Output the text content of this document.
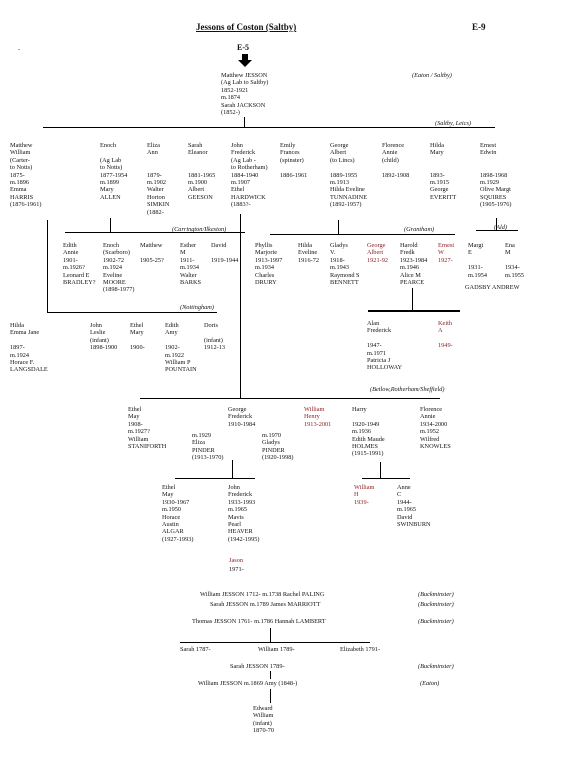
Jessons of Coston (Saltby)	E-9
-	E-5
Matthew JESSON
(Ag Lab to Saltby)
1852-1921
m.1874
Sarah JACKSON
(1852-)
(Eaton / Saltby)
(Saltby, Leics)
Matthew
William
(Carter-
to Notts)
1875-
m.1896
Emma
HARRIS
(1876-1961)
Enoch

(Ag Lab
to Notts)
1877-1954
m.1899
Mary
ALLEN
Eliza
Ann

1879-
m.1902
Walter
Horton
SIMKIN
(1882-
Sarah
Eleanor

1881-1965
m.1900
Albert
GEESON
John
Frederick
(Ag Lab -
to Rotherham)
1884-1940
m.1907
Ethel
HARDWICK
(1883?-
Emily
Frances
(spinster)

1886-1961
George
Albert
(to Lincs)

1889-1955
m.1913
Hilda Eveline
TUNNADINE
(1892-1957)
Florence
Annie
(child)

1892-1908
Hilda
Mary

1893-
m.1915
George
EVERITT
Ernest
Edwin

1898-1968
m.1929
Olive Margt
SQUIRES
(1905-1976)
(Carrington/Ilkeston)
Edith
Annie
1901-
m.1926?
Leonard E
BRADLEY?
Enoch
(Scarboro)
1902-72
m.1924
Eveline
MOORE
(1898-1977)
Matthew

1905-25?
Esther
M
1911-
m.1934
Walter
BARKS
David

1919-1944
(Nottingham)
Hilda
Emma Jane

1897-
m.1924
Horace F.
LANGSDALE
John
Leslie
(infant)
1898-1900
Ethel
Mary

1900-
Edith
Amy

1902-
m.1922
William P
POUNTAIN
Doris

(infant)
1912-13
(Grantham)
Phyllis
Marjorie
1913-1997
m.1934
Charles
DRURY
Hilda
Eveline
1916-72
Gladys
V.
1918-
m.1943
Raymond S
BENNETT
George
Albert
1921-92
Harold
Fredk
1923-1984
m.1946
Alice M
PEARCE
Ernest
W
1927-
(Ald)
Margt
E

1931-
m.1954
Ena
M

1934-
m.1955
GADSBY ANDREW
Alan
Frederick

1947-
m.1971
Patricia J
HOLLOWAY
Keith
A

1949-
(Betlow,Rotherham/Sheffield)
Ethel
May
1908-
m.1927?
William
STANIFORTH
George
Frederick
1910-1984
William
Henry
1913-2001
Harry

1920-1949
m.1936
Edith Maude
HOLMES
(1915-1991)
Florence
Annie
1934-2000
m.1952
Wilfred
KNOWLES
m.1929
Eliza
PINDER
(1913-1970)
m.1970
Gladys
PINDER
(1920-1998)
Ethel
May
1930-1967
m.1950
Horace
Austin
ALGAR
(1927-1993)
John
Frederick
1933-1993
m.1965
Mavis
Pearl
HEAVER
(1942-1995)
Jason
1971-
William
H
1939-
Anne
C
1944-
m.1965
David
SWINBURN
William JESSON 1712- m.1738 Rachel PALING	(Buckminster)
Sarah JESSON m.1789 James MARRIOTT	(Buckminster)
Thomas JESSON 1761- m.1786 Hannah LAMBERT	(Buckminster)
Sarah 1787-	William 1789-	Elizabeth 1791-
Sarah JESSON 1789-	(Buckminster)
William JESSON m.1869 Amy (1848-)	(Eaton)
Edward
William
(infant)
1870-70
